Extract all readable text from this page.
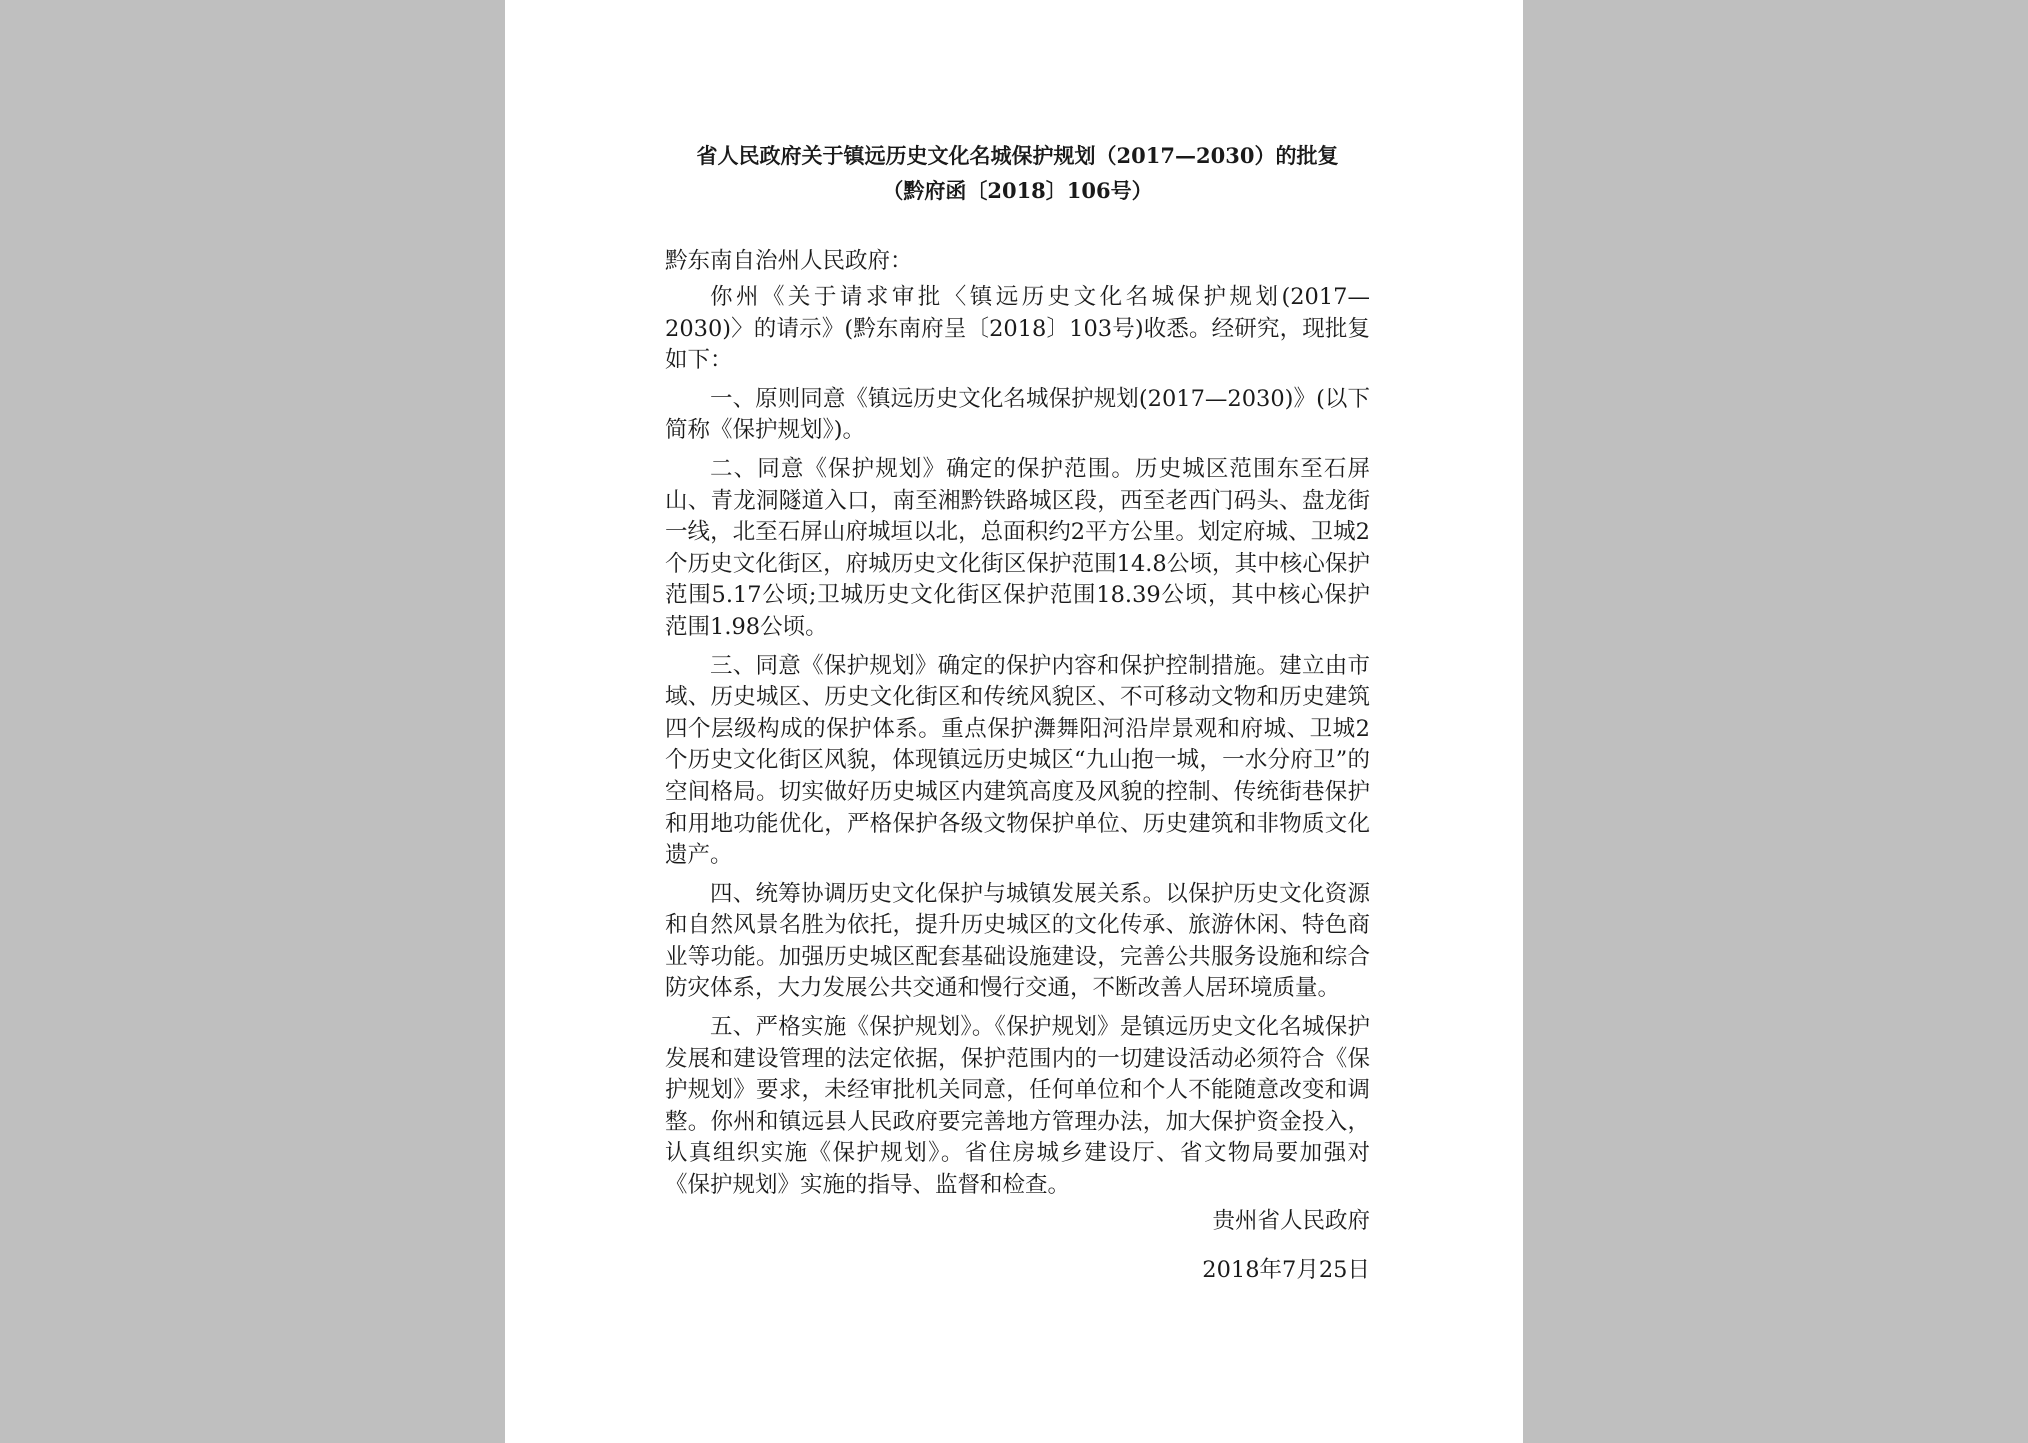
省人民政府关于镇远历史文化名城保护规划（2017—2030）的批复
（黔府函〔2018〕106号）
黔东南自治州人民政府：

你州《关于请求审批〈镇远历史文化名城保护规划(2017—2030)〉的请示》(黔东南府呈〔2018〕103号)收悉。经研究，现批复如下：

一、原则同意《镇远历史文化名城保护规划(2017—2030)》(以下简称《保护规划》)。

二、同意《保护规划》确定的保护范围。历史城区范围东至石屏山、青龙洞隧道入口，南至湘黔铁路城区段，西至老西门码头、盘龙街一线，北至石屏山府城垣以北，总面积约2平方公里。划定府城、卫城2个历史文化街区，府城历史文化街区保护范围14.8公顷，其中核心保护范围5.17公顷;卫城历史文化街区保护范围18.39公顷，其中核心保护范围1.98公顷。

三、同意《保护规划》确定的保护内容和保护控制措施。建立由市域、历史城区、历史文化街区和传统风貌区、不可移动文物和历史建筑四个层级构成的保护体系。重点保护㵲舞阳河沿岸景观和府城、卫城2个历史文化街区风貌，体现镇远历史城区“九山抱一城，一水分府卫”的空间格局。切实做好历史城区内建筑高度及风貌的控制、传统街巷保护和用地功能优化，严格保护各级文物保护单位、历史建筑和非物质文化遗产。

四、统筹协调历史文化保护与城镇发展关系。以保护历史文化资源和自然风景名胜为依托，提升历史城区的文化传承、旅游休闲、特色商业等功能。加强历史城区配套基础设施建设，完善公共服务设施和综合防灾体系，大力发展公共交通和慢行交通，不断改善人居环境质量。

五、严格实施《保护规划》。《保护规划》是镇远历史文化名城保护发展和建设管理的法定依据，保护范围内的一切建设活动必须符合《保护规划》要求，未经审批机关同意，任何单位和个人不能随意改变和调整。你州和镇远县人民政府要完善地方管理办法，加大保护资金投入，认真组织实施《保护规划》。省住房城乡建设厅、省文物局要加强对《保护规划》实施的指导、监督和检查。

贵州省人民政府
2018年7月25日
